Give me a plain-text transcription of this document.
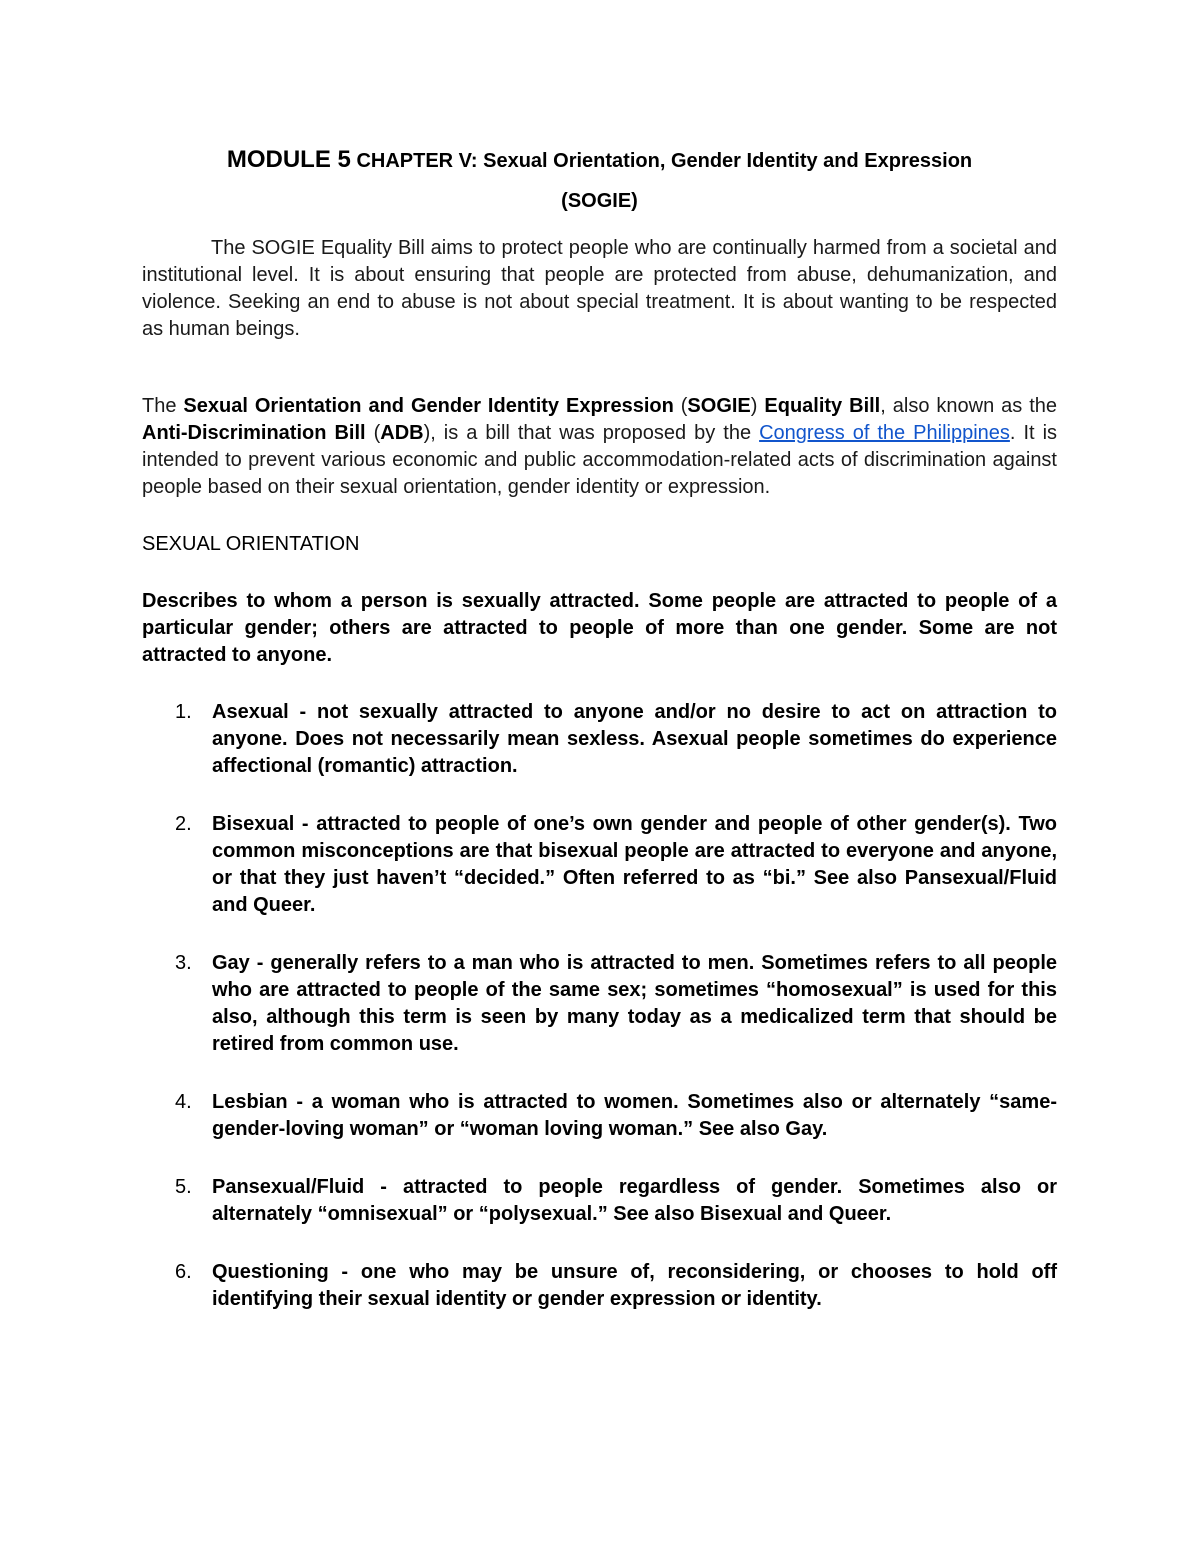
MODULE 5 CHAPTER V: Sexual Orientation, Gender Identity and Expression

(SOGIE)

The SOGIE Equality Bill aims to protect people who are continually harmed from a societal and institutional level. It is about ensuring that people are protected from abuse, dehumanization, and violence. Seeking an end to abuse is not about special treatment. It is about wanting to be respected as human beings.

The Sexual Orientation and Gender Identity Expression (SOGIE) Equality Bill, also known as the Anti-Discrimination Bill (ADB), is a bill that was proposed by the Congress of the Philippines. It is intended to prevent various economic and public accommodation-related acts of discrimination against people based on their sexual orientation, gender identity or expression.

SEXUAL ORIENTATION

Describes to whom a person is sexually attracted. Some people are attracted to people of a particular gender; others are attracted to people of more than one gender. Some are not attracted to anyone.

1. Asexual - not sexually attracted to anyone and/or no desire to act on attraction to anyone. Does not necessarily mean sexless. Asexual people sometimes do experience affectional (romantic) attraction.
2. Bisexual - attracted to people of one’s own gender and people of other gender(s). Two common misconceptions are that bisexual people are attracted to everyone and anyone, or that they just haven’t “decided.” Often referred to as “bi.” See also Pansexual/Fluid and Queer.
3. Gay - generally refers to a man who is attracted to men. Sometimes refers to all people who are attracted to people of the same sex; sometimes “homosexual” is used for this also, although this term is seen by many today as a medicalized term that should be retired from common use.
4. Lesbian - a woman who is attracted to women. Sometimes also or alternately “same-gender-loving woman” or “woman loving woman.” See also Gay.
5. Pansexual/Fluid - attracted to people regardless of gender. Sometimes also or alternately “omnisexual” or “polysexual.” See also Bisexual and Queer.
6. Questioning - one who may be unsure of, reconsidering, or chooses to hold off identifying their sexual identity or gender expression or identity.
